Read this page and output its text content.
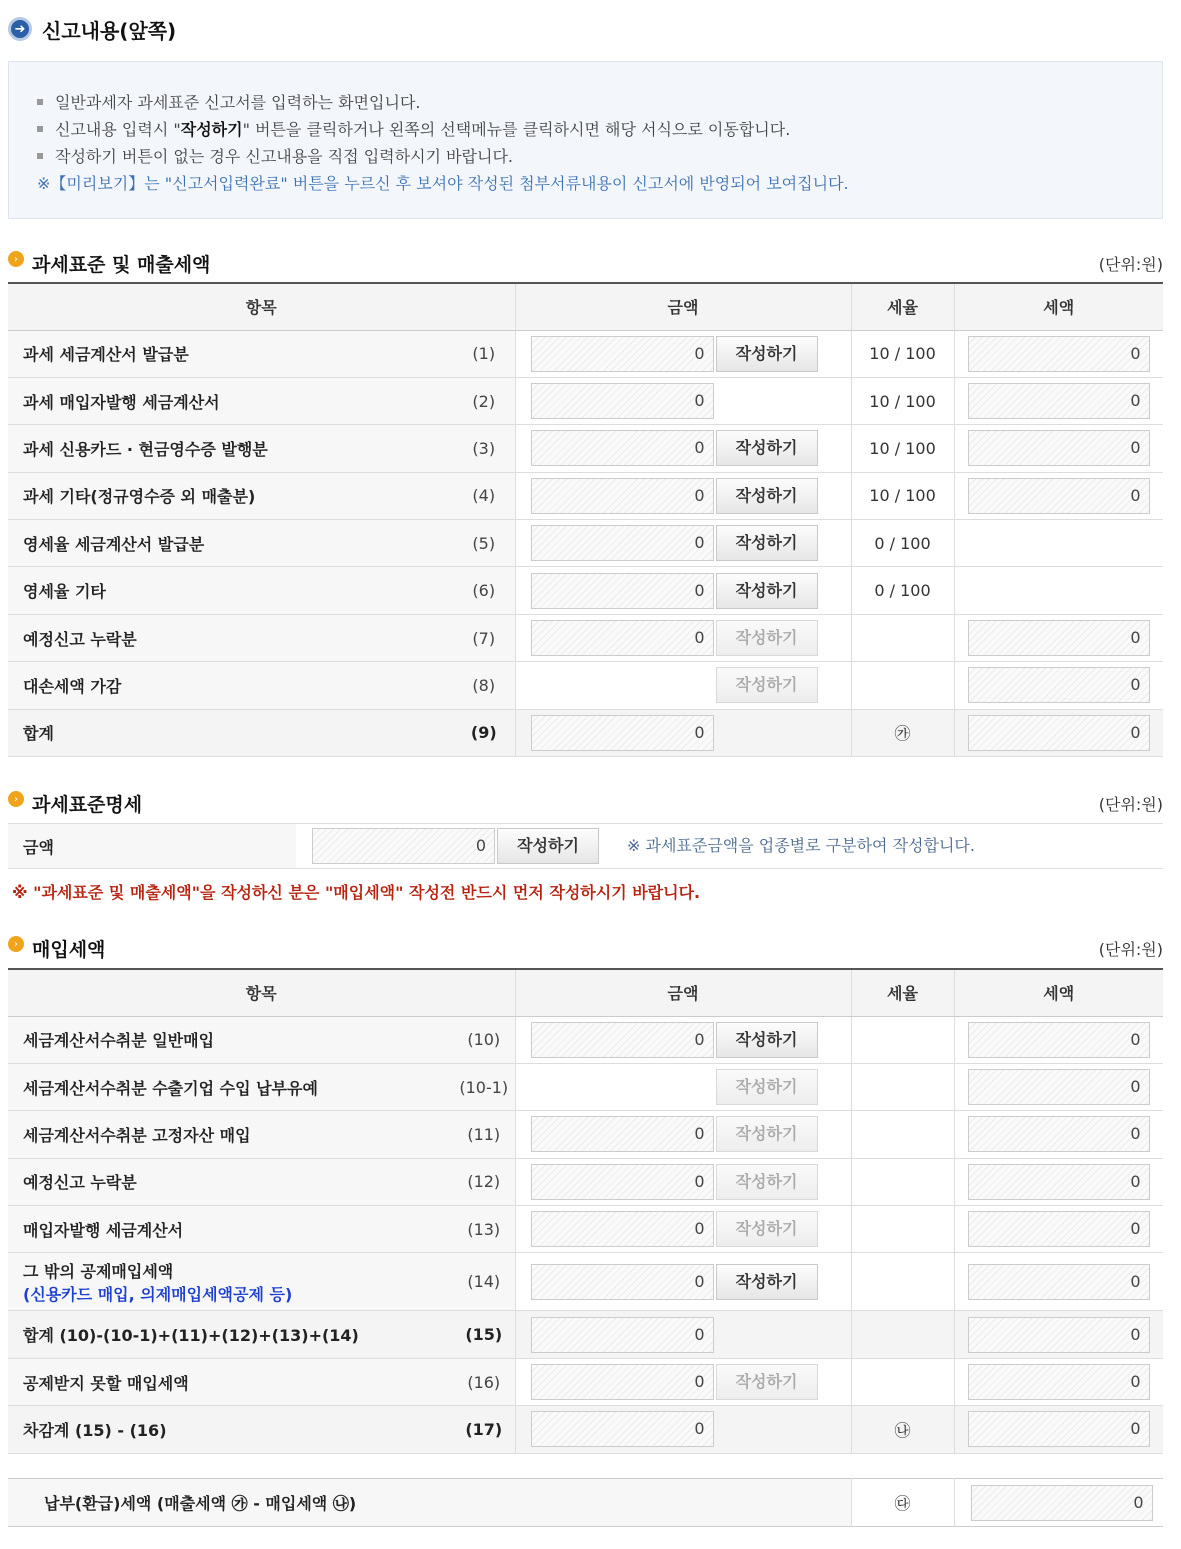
➜ 신고내용(앞쪽)
일반과세자 과세표준 신고서를 입력하는 화면입니다.
신고내용 입력시 " 작성하기 " 버튼을 클릭하거나 왼쪽의 선택메뉴를 클릭하시면 해당 서식으로 이동합니다.
작성하기 버튼이 없는 경우 신고내용을 직접 입력하시기 바랍니다.
※【미리보기】는 "신고서입력완료" 버튼을 누르신 후 보셔야 작성된 첨부서류내용이 신고서에 반영되어 보여집니다.
› 과세표준 및 매출세액	(단위:원)
항목		금액	세율	세액

과세 세금계산서 발급분	(1)	0 작성하기	10 / 100	0

과세 매입자발행 세금계산서	(2)	0	10 / 100	0

과세 신용카드 · 현금영수증 발행분	(3)	0 작성하기	10 / 100	0

과세 기타(정규영수증 외 매출분)	(4)	0 작성하기	10 / 100	0

영세율 세금계산서 발급분	(5)	0 작성하기	0 / 100	

영세율 기타	(6)	0 작성하기	0 / 100	

예정신고 누락분	(7)	0 작성하기		0

대손세액 가감	(8)	작성하기		0

합계	(9)	0	㉮	0
› 과세표준명세	(단위:원)
금액	0 작성하기	※ 과세표준금액을 업종별로 구분하여 작성합니다.
※ "과세표준 및 매출세액"을 작성하신 분은 "매입세액" 작성전 반드시 먼저 작성하시기 바랍니다.
› 매입세액	(단위:원)
항목		금액	세율	세액

세금계산서수취분 일반매입	(10)	0 작성하기		0

세금계산서수취분 수출기업 수입 납부유예	(10-1)	작성하기		0

세금계산서수취분 고정자산 매입	(11)	0 작성하기		0

예정신고 누락분	(12)	0 작성하기		0

매입자발행 세금계산서	(13)	0 작성하기		0

그 밖의 공제매입세액
(신용카드 매입, 의제매입세액공제 등)	(14)	0 작성하기		0

합계 (10)-(10-1)+(11)+(12)+(13)+(14)	(15)	0		0

공제받지 못할 매입세액	(16)	0 작성하기		0

차감계 (15) - (16)	(17)	0	㉯	0
납부(환급)세액 (매출세액 ㉮ - 매입세액 ㉯)	㉰	0
